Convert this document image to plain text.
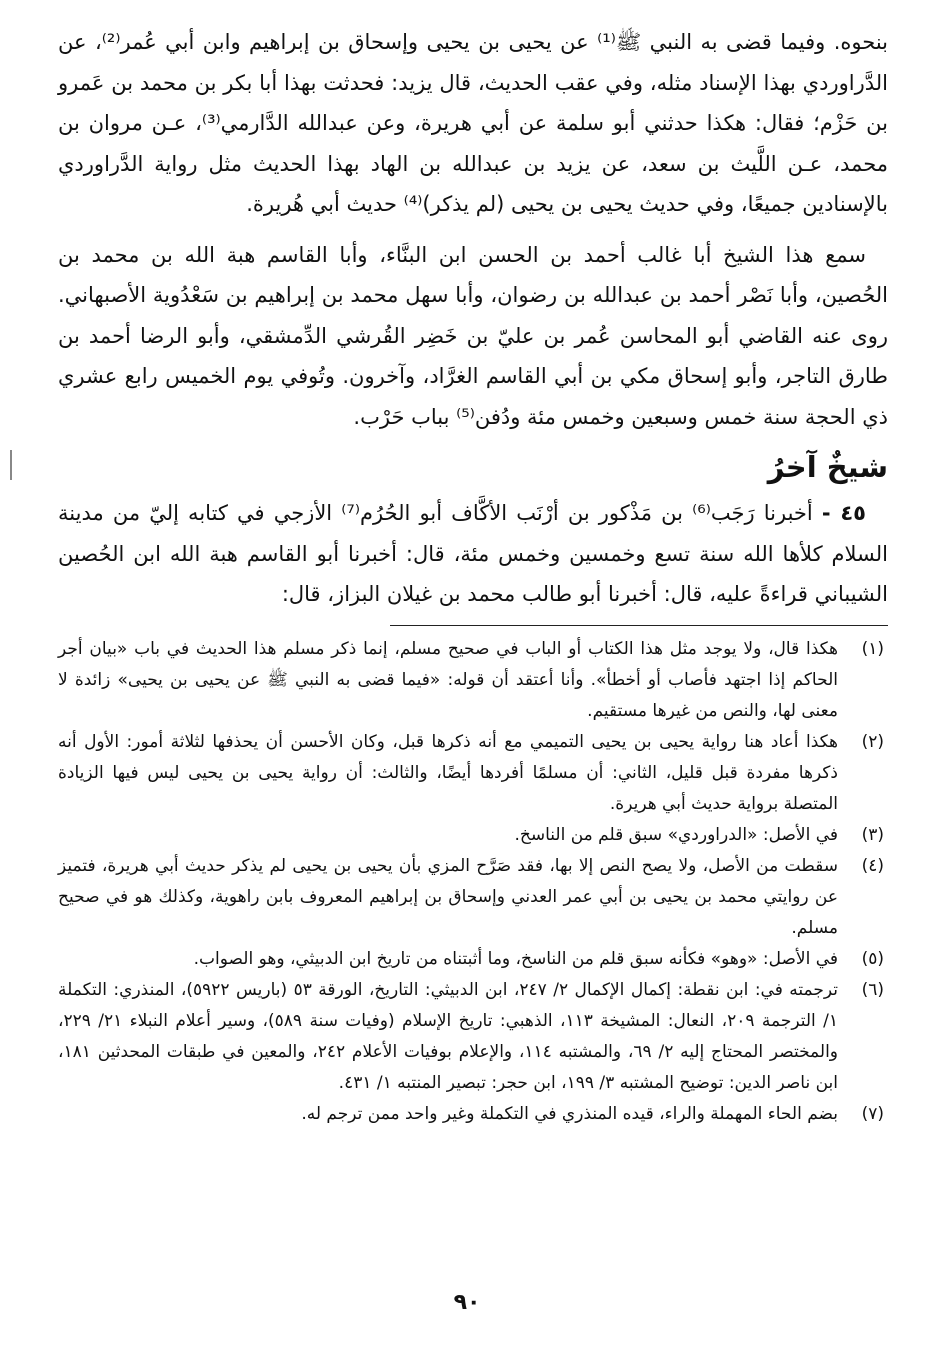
بنحوه. وفيما قضى به النبي ﷺ⁽¹⁾ عن يحيى بن يحيى وإسحاق بن إبراهيم وابن أبي عُمر⁽²⁾، عن الدَّراوردي بهذا الإسناد مثله، وفي عقب الحديث، قال يزيد: فحدثت بهذا أبا بكر بن محمد بن عَمرو بن حَزْم؛ فقال: هكذا حدثني أبو سلمة عن أبي هريرة، وعن عبدالله الدَّارمي⁽³⁾، عـن مروان بن محمد، عـن اللَّيث بن سعد، عن يزيد بن عبدالله بن الهاد بهذا الحديث مثل رواية الدَّراوردي بالإسنادين جميعًا، وفي حديث يحيى بن يحيى (لم يذكر)⁽⁴⁾ حديث أبي هُريرة.

سمع هذا الشيخ أبا غالب أحمد بن الحسن ابن البنَّاء، وأبا القاسم هبة الله بن محمد بن الحُصين، وأبا نَصْر أحمد بن عبدالله بن رضوان، وأبا سهل محمد بن إبراهيم بن سَعْدُوية الأصبهاني. روى عنه القاضي أبو المحاسن عُمر بن عليّ بن خَضِر القُرشي الدِّمشقي، وأبو الرضا أحمد بن طارق التاجر، وأبو إسحاق مكي بن أبي القاسم الغرَّاد، وآخرون. وتُوفي يوم الخميس رابع عشري ذي الحجة سنة خمس وسبعين وخمس مئة ودُفن⁽⁵⁾ بباب حَرْب.

شيخٌ آخرُ

٤٥ - أخبرنا رَجَب⁽⁶⁾ بن مَذْكور بن أرْنَب الأكَّاف أبو الحُرُم⁽⁷⁾ الأزجي في كتابه إليّ من مدينة السلام كلأها الله سنة تسع وخمسين وخمس مئة، قال: أخبرنا أبو القاسم هبة الله ابن الحُصين الشيباني قراءةً عليه، قال: أخبرنا أبو طالب محمد بن غيلان البزاز، قال:

(١)
هكذا قال، ولا يوجد مثل هذا الكتاب أو الباب في صحيح مسلم، إنما ذكر مسلم هذا الحديث في باب «بيان أجر الحاكم إذا اجتهد فأصاب أو أخطأ». وأنا أعتقد أن قوله: «فيما قضى به النبي ﷺ عن يحيى بن يحيى» زائدة لا معنى لها، والنص من غيرها مستقيم.
(٢)
هكذا أعاد هنا رواية يحيى بن يحيى التميمي مع أنه ذكرها قبل، وكان الأحسن أن يحذفها لثلاثة أمور: الأول أنه ذكرها مفردة قبل قليل، الثاني: أن مسلمًا أفردها أيضًا، والثالث: أن رواية يحيى بن يحيى ليس فيها الزيادة المتصلة برواية حديث أبي هريرة.
(٣)
في الأصل: «الدراوردي» سبق قلم من الناسخ.
(٤)
سقطت من الأصل، ولا يصح النص إلا بها، فقد صَرَّح المزي بأن يحيى بن يحيى لم يذكر حديث أبي هريرة، فتميز عن روايتي محمد بن يحيى بن أبي عمر العدني وإسحاق بن إبراهيم المعروف بابن راهوية، وكذلك هو في صحيح مسلم.
(٥)
في الأصل: «وهو» فكأنه سبق قلم من الناسخ، وما أثبتناه من تاريخ ابن الدبيثي، وهو الصواب.
(٦)
ترجمته في: ابن نقطة: إكمال الإكمال ٢/ ٢٤٧، ابن الدبيثي: التاريخ، الورقة ٥٣ (باريس ٥٩٢٢)، المنذري: التكملة ١/ الترجمة ٢٠٩، النعال: المشيخة ١١٣، الذهبي: تاريخ الإسلام (وفيات سنة ٥٨٩)، وسير أعلام النبلاء ٢١/ ٢٢٩، والمختصر المحتاج إليه ٢/ ٦٩، والمشتبه ١١٤، والإعلام بوفيات الأعلام ٢٤٢، والمعين في طبقات المحدثين ١٨١، ابن ناصر الدين: توضيح المشتبه ٣/ ١٩٩، ابن حجر: تبصير المنتبه ١/ ٤٣١.
(٧)
بضم الحاء المهملة والراء، قيده المنذري في التكملة وغير واحد ممن ترجم له.
٩٠
